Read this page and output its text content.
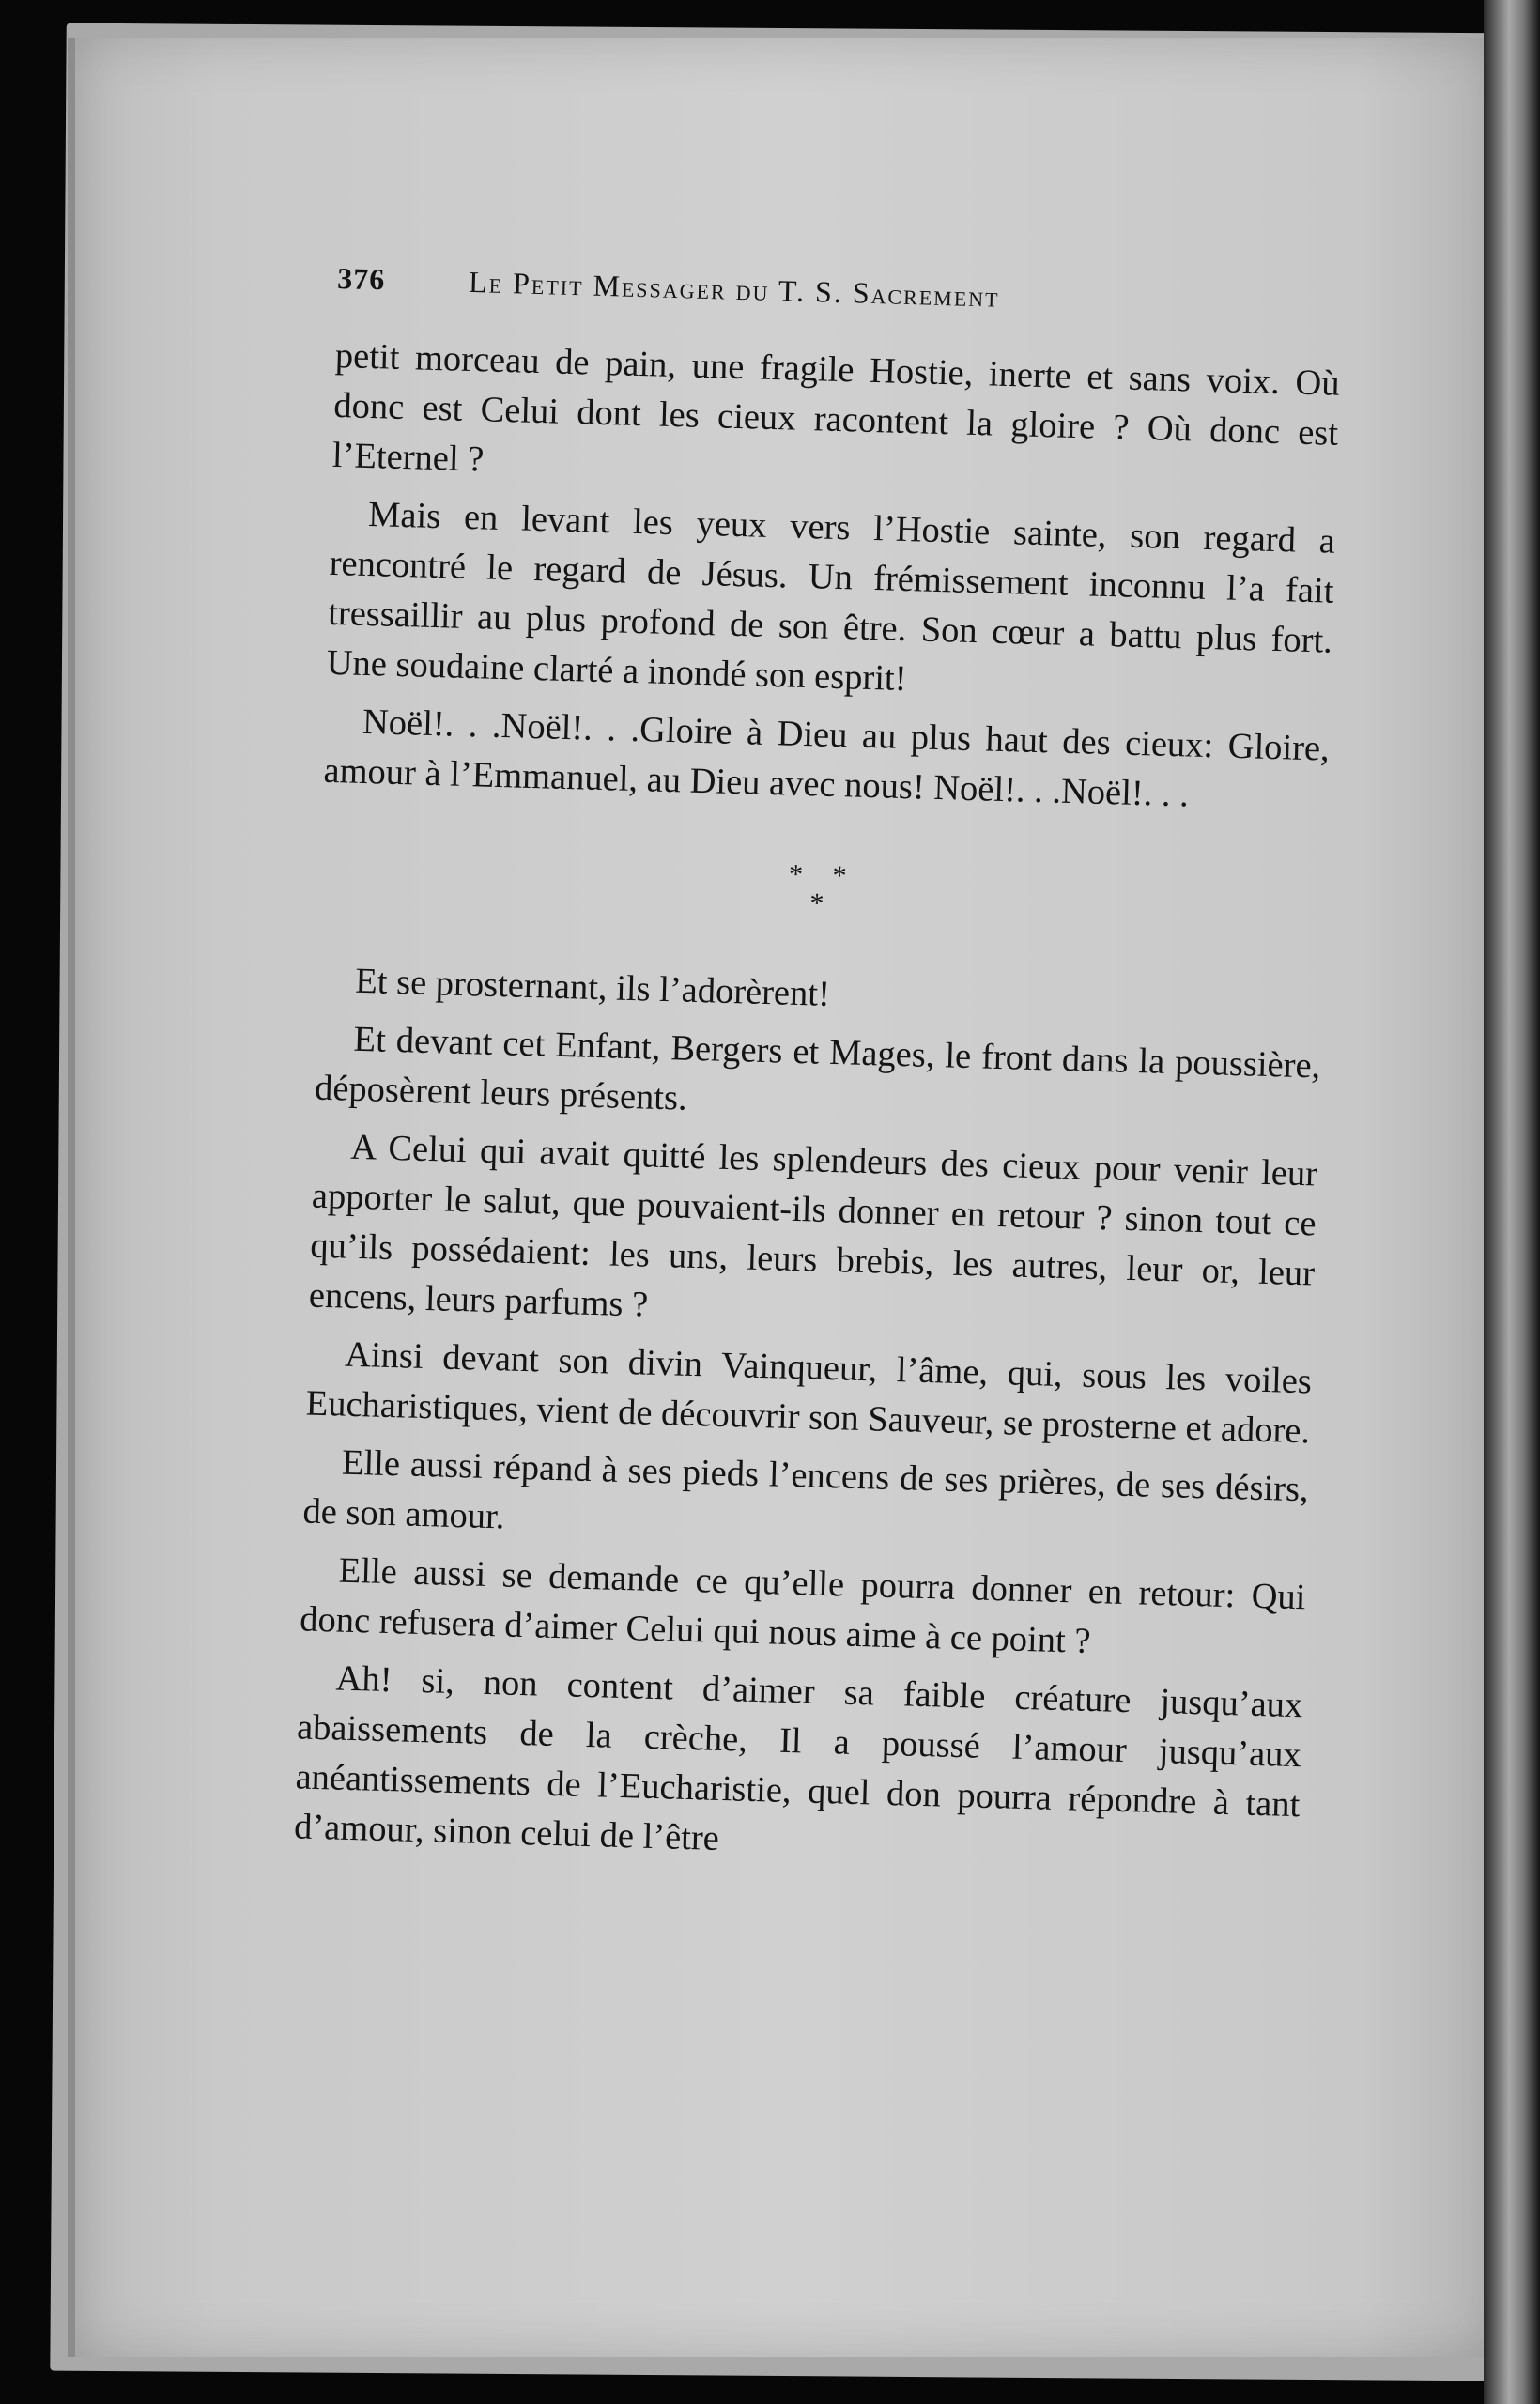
376	Le Petit Messager du T. S. Sacrement

petit morceau de pain, une fragile Hostie, inerte et sans voix. Où donc est Celui dont les cieux racontent la gloire ? Où donc est l’Eternel ?

Mais en levant les yeux vers l’Hostie sainte, son regard a rencontré le regard de Jésus. Un frémissement inconnu l’a fait tressaillir au plus profond de son être. Son cœur a battu plus fort. Une soudaine clarté a inondé son esprit!

Noël!. . .Noël!. . .Gloire à Dieu au plus haut des cieux: Gloire, amour à l’Emmanuel, au Dieu avec nous! Noël!. . .Noël!. . .

* *
*

Et se prosternant, ils l’adorèrent!

Et devant cet Enfant, Bergers et Mages, le front dans la poussière, déposèrent leurs présents.

A Celui qui avait quitté les splendeurs des cieux pour venir leur apporter le salut, que pouvaient-ils donner en retour ? sinon tout ce qu’ils possédaient: les uns, leurs brebis, les autres, leur or, leur encens, leurs parfums ?

Ainsi devant son divin Vainqueur, l’âme, qui, sous les voiles Eucharistiques, vient de découvrir son Sauveur, se prosterne et adore.

Elle aussi répand à ses pieds l’encens de ses prières, de ses désirs, de son amour.

Elle aussi se demande ce qu’elle pourra donner en retour: Qui donc refusera d’aimer Celui qui nous aime à ce point ?

Ah! si, non content d’aimer sa faible créature jusqu’aux abaissements de la crèche, Il a poussé l’amour jusqu’aux anéantissements de l’Eucharistie, quel don pourra répondre à tant d’amour, sinon celui de l’être
